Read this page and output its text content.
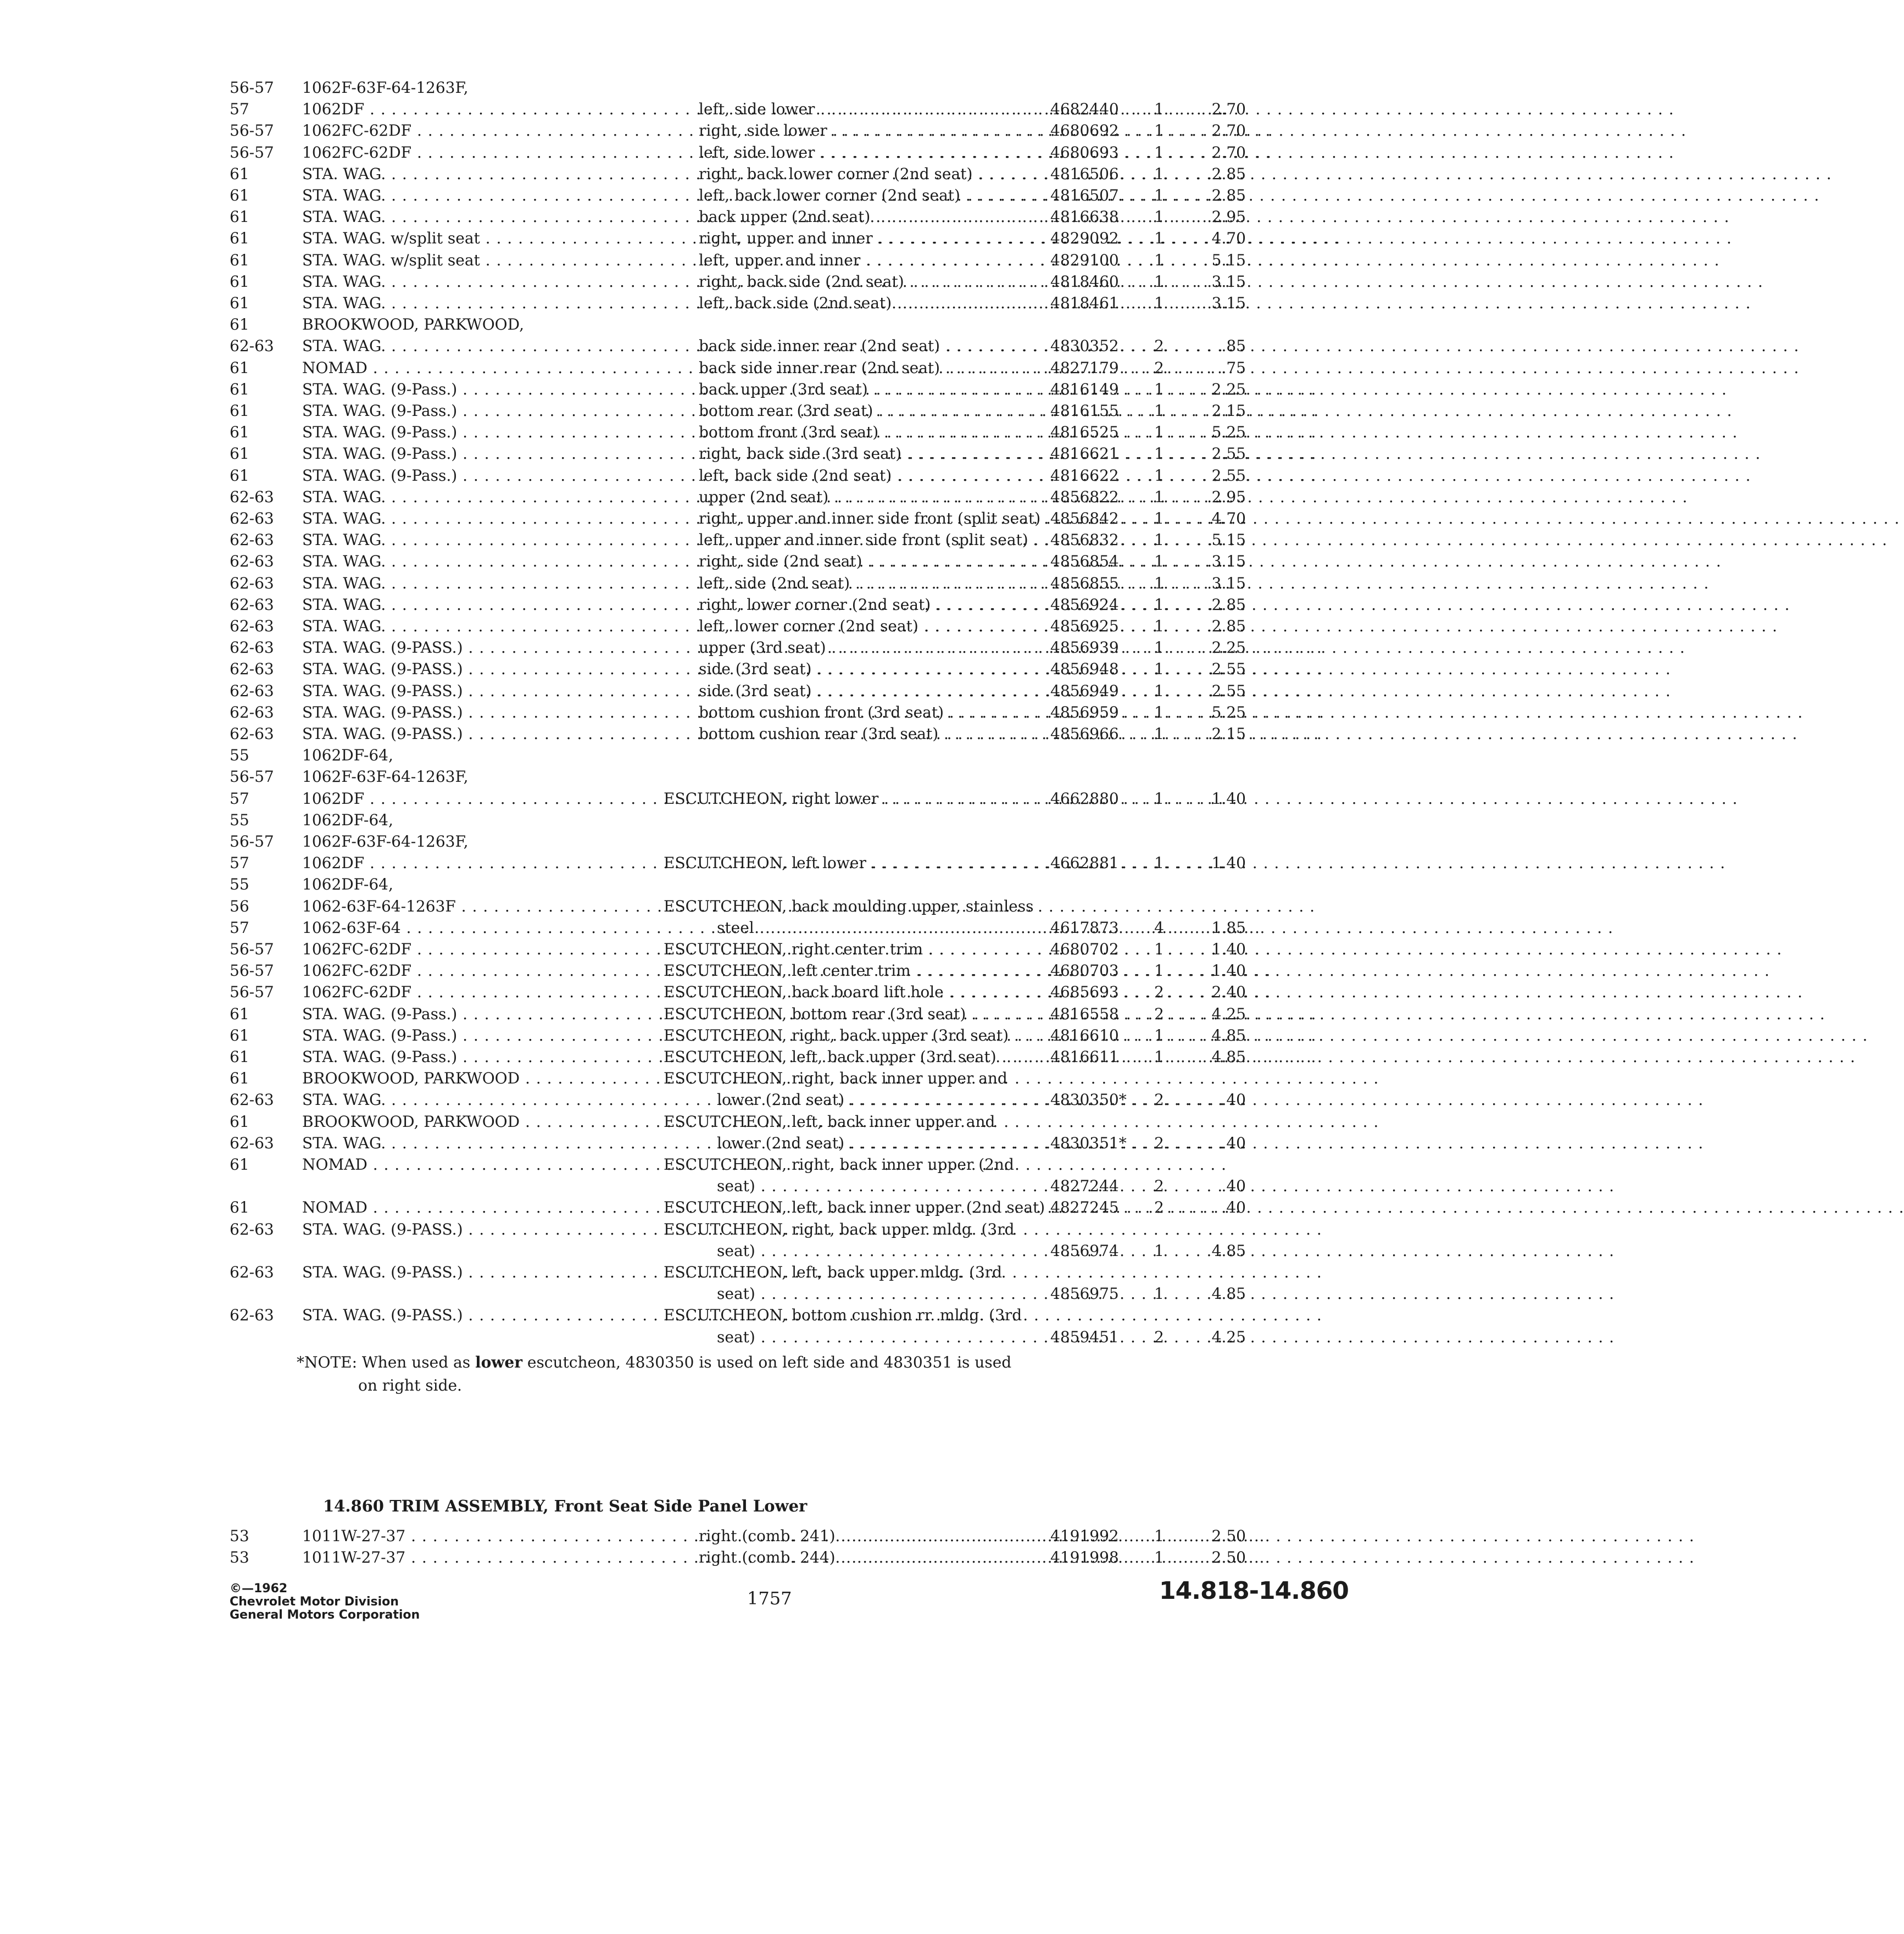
56-57	1062F-63F-64-1263F,
57	1062DF . . .	left, side lower . . .	4682440	1	2.70
56-57	1062FC-62DF . . .	right, side lower . . .	4680692	1	2.70
56-57	1062FC-62DF . . .	left, side lower . . .	4680693	1	2.70
61	STA. WAG. . . .	right, back lower corner (2nd seat) . . .	4816506	1	2.85
61	STA. WAG. . . .	left, back lower corner (2nd seat) . . .	4816507	1	2.85
61	STA. WAG. . . .	back upper (2nd seat) . . .	4816638	1	2.95
61	STA. WAG. w/split seat . . .	right, upper and inner . . .	4829092	1	4.70
61	STA. WAG. w/split seat . . .	left, upper and inner . . .	4829100	1	5.15
61	STA. WAG. . . .	right, back side (2nd seat) . . .	4818460	1	3.15
61	STA. WAG. . . .	left, back side (2nd seat) . . .	4818461	1	3.15
61	BROOKWOOD, PARKWOOD,
62-63	STA. WAG. . . .	back side inner rear (2nd seat) . . .	4830352	2	.85
61	NOMAD . . .	back side inner rear (2nd seat) . . .	4827179	2	.75
61	STA. WAG. (9-Pass.) . . .	back upper (3rd seat) . . .	4816149	1	2.25
61	STA. WAG. (9-Pass.) . . .	bottom rear (3rd seat) . . .	4816155	1	2.15
61	STA. WAG. (9-Pass.) . . .	bottom front (3rd seat) . . .	4816525	1	5.25
61	STA. WAG. (9-Pass.) . . .	right, back side (3rd seat) . . .	4816621	1	2.55
61	STA. WAG. (9-Pass.) . . .	left, back side (2nd seat) . . .	4816622	1	2.55
62-63	STA. WAG. . . .	upper (2nd seat) . . .	4856822	1	2.95
62-63	STA. WAG. . . .	right, upper and inner side front (split seat) . . . 4856842	1	4.70
62-63	STA. WAG. . . .	left, upper and inner side front (split seat) . . .	4856832	1	5.15
62-63	STA. WAG. . . .	right, side (2nd seat) . . .	4856854	1	3.15
62-63	STA. WAG. . . .	left, side (2nd seat) . . .	4856855	1	3.15
62-63	STA. WAG. . . .	right, lower corner (2nd seat) . . .	4856924	1	2.85
62-63	STA. WAG. . . .	left, lower corner (2nd seat) . . .	4856925	1	2.85
62-63	STA. WAG. (9-PASS.) . . .	upper (3rd seat) . . .	4856939	1	2.25
62-63	STA. WAG. (9-PASS.) . . .	side (3rd seat) . . .	4856948	1	2.55
62-63	STA. WAG. (9-PASS.) . . .	side (3rd seat) . . .	4856949	1	2.55
62-63	STA. WAG. (9-PASS.) . . .	bottom cushion front (3rd seat) . . .	4856959	1	5.25
62-63	STA. WAG. (9-PASS.) . . .	bottom cushion rear (3rd seat) . . .	4856966	1	2.15
55	1062DF-64,
56-57	1062F-63F-64-1263F,
57	1062DF . . .	ESCUTCHEON, right lower . . .	4662880	1	1.40
55	1062DF-64,
56-57	1062F-63F-64-1263F,
57	1062DF . . .	ESCUTCHEON, left lower . . .	4662881	1	1.40
55	1062DF-64,
56	1062-63F-64-1263F . . .	ESCUTCHEON, back moulding upper, stainless
57	1062-63F-64 . . .	steel . . .	4617873	4	1.85
56-57	1062FC-62DF . . .	ESCUTCHEON, right center trim . . .	4680702	1	1.40
56-57	1062FC-62DF . . .	ESCUTCHEON, left center trim . . .	4680703	1	1.40
56-57	1062FC-62DF . . .	ESCUTCHEON, back board lift hole . . .	4685693	2	2.40
61	STA. WAG. (9-Pass.) . . .	ESCUTCHEON, bottom rear (3rd seat) . . .	4816558	2	4.25
61	STA. WAG. (9-Pass.) . . .	ESCUTCHEON, right, back upper (3rd seat) . . .	4816610	1	4.85
61	STA. WAG. (9-Pass.) . . .	ESCUTCHEON, left, back upper (3rd seat) . . .	4816611	1	4.85
61	BROOKWOOD, PARKWOOD . . .	ESCUTCHEON, right, back inner upper and
62-63	STA. WAG. . . .	lower (2nd seat) . . .	4830350*	2	.40
61	BROOKWOOD, PARKWOOD . . .	ESCUTCHEON, left, back inner upper and
62-63	STA. WAG. . . .	lower (2nd seat) . . .	4830351*	2	.40
61	NOMAD . . .	ESCUTCHEON, right, back inner upper (2nd
seat) . . .	4827244	2	.40
61	NOMAD . . .	ESCUTCHEON, left, back inner upper (2nd seat) . . . 4827245	2	.40
62-63	STA. WAG. (9-PASS.) . . .	ESCUTCHEON, right, back upper mldg. (3rd
seat) . . .	4856974	1	4.85
62-63	STA. WAG. (9-PASS.) . . .	ESCUTCHEON, left, back upper mldg. (3rd
seat) . . .	4856975	1	4.85
62-63	STA. WAG. (9-PASS.) . . .	ESCUTCHEON, bottom cushion rr. mldg. (3rd
seat) . . .	4859451	2	4.25
*NOTE: When used as lower escutcheon, 4830350 is used on left side and 4830351 is used
on right side.
14.860 TRIM ASSEMBLY, Front Seat Side Panel Lower
53	1011W-27-37 . . .	right (comb. 241) . . .	4191992	1	2.50
53	1011W-27-37 . . .	right (comb. 244) . . .	4191998	1	2.50
©—1962
Chevrolet Motor Division
General Motors Corporation
1757	14.818-14.860
